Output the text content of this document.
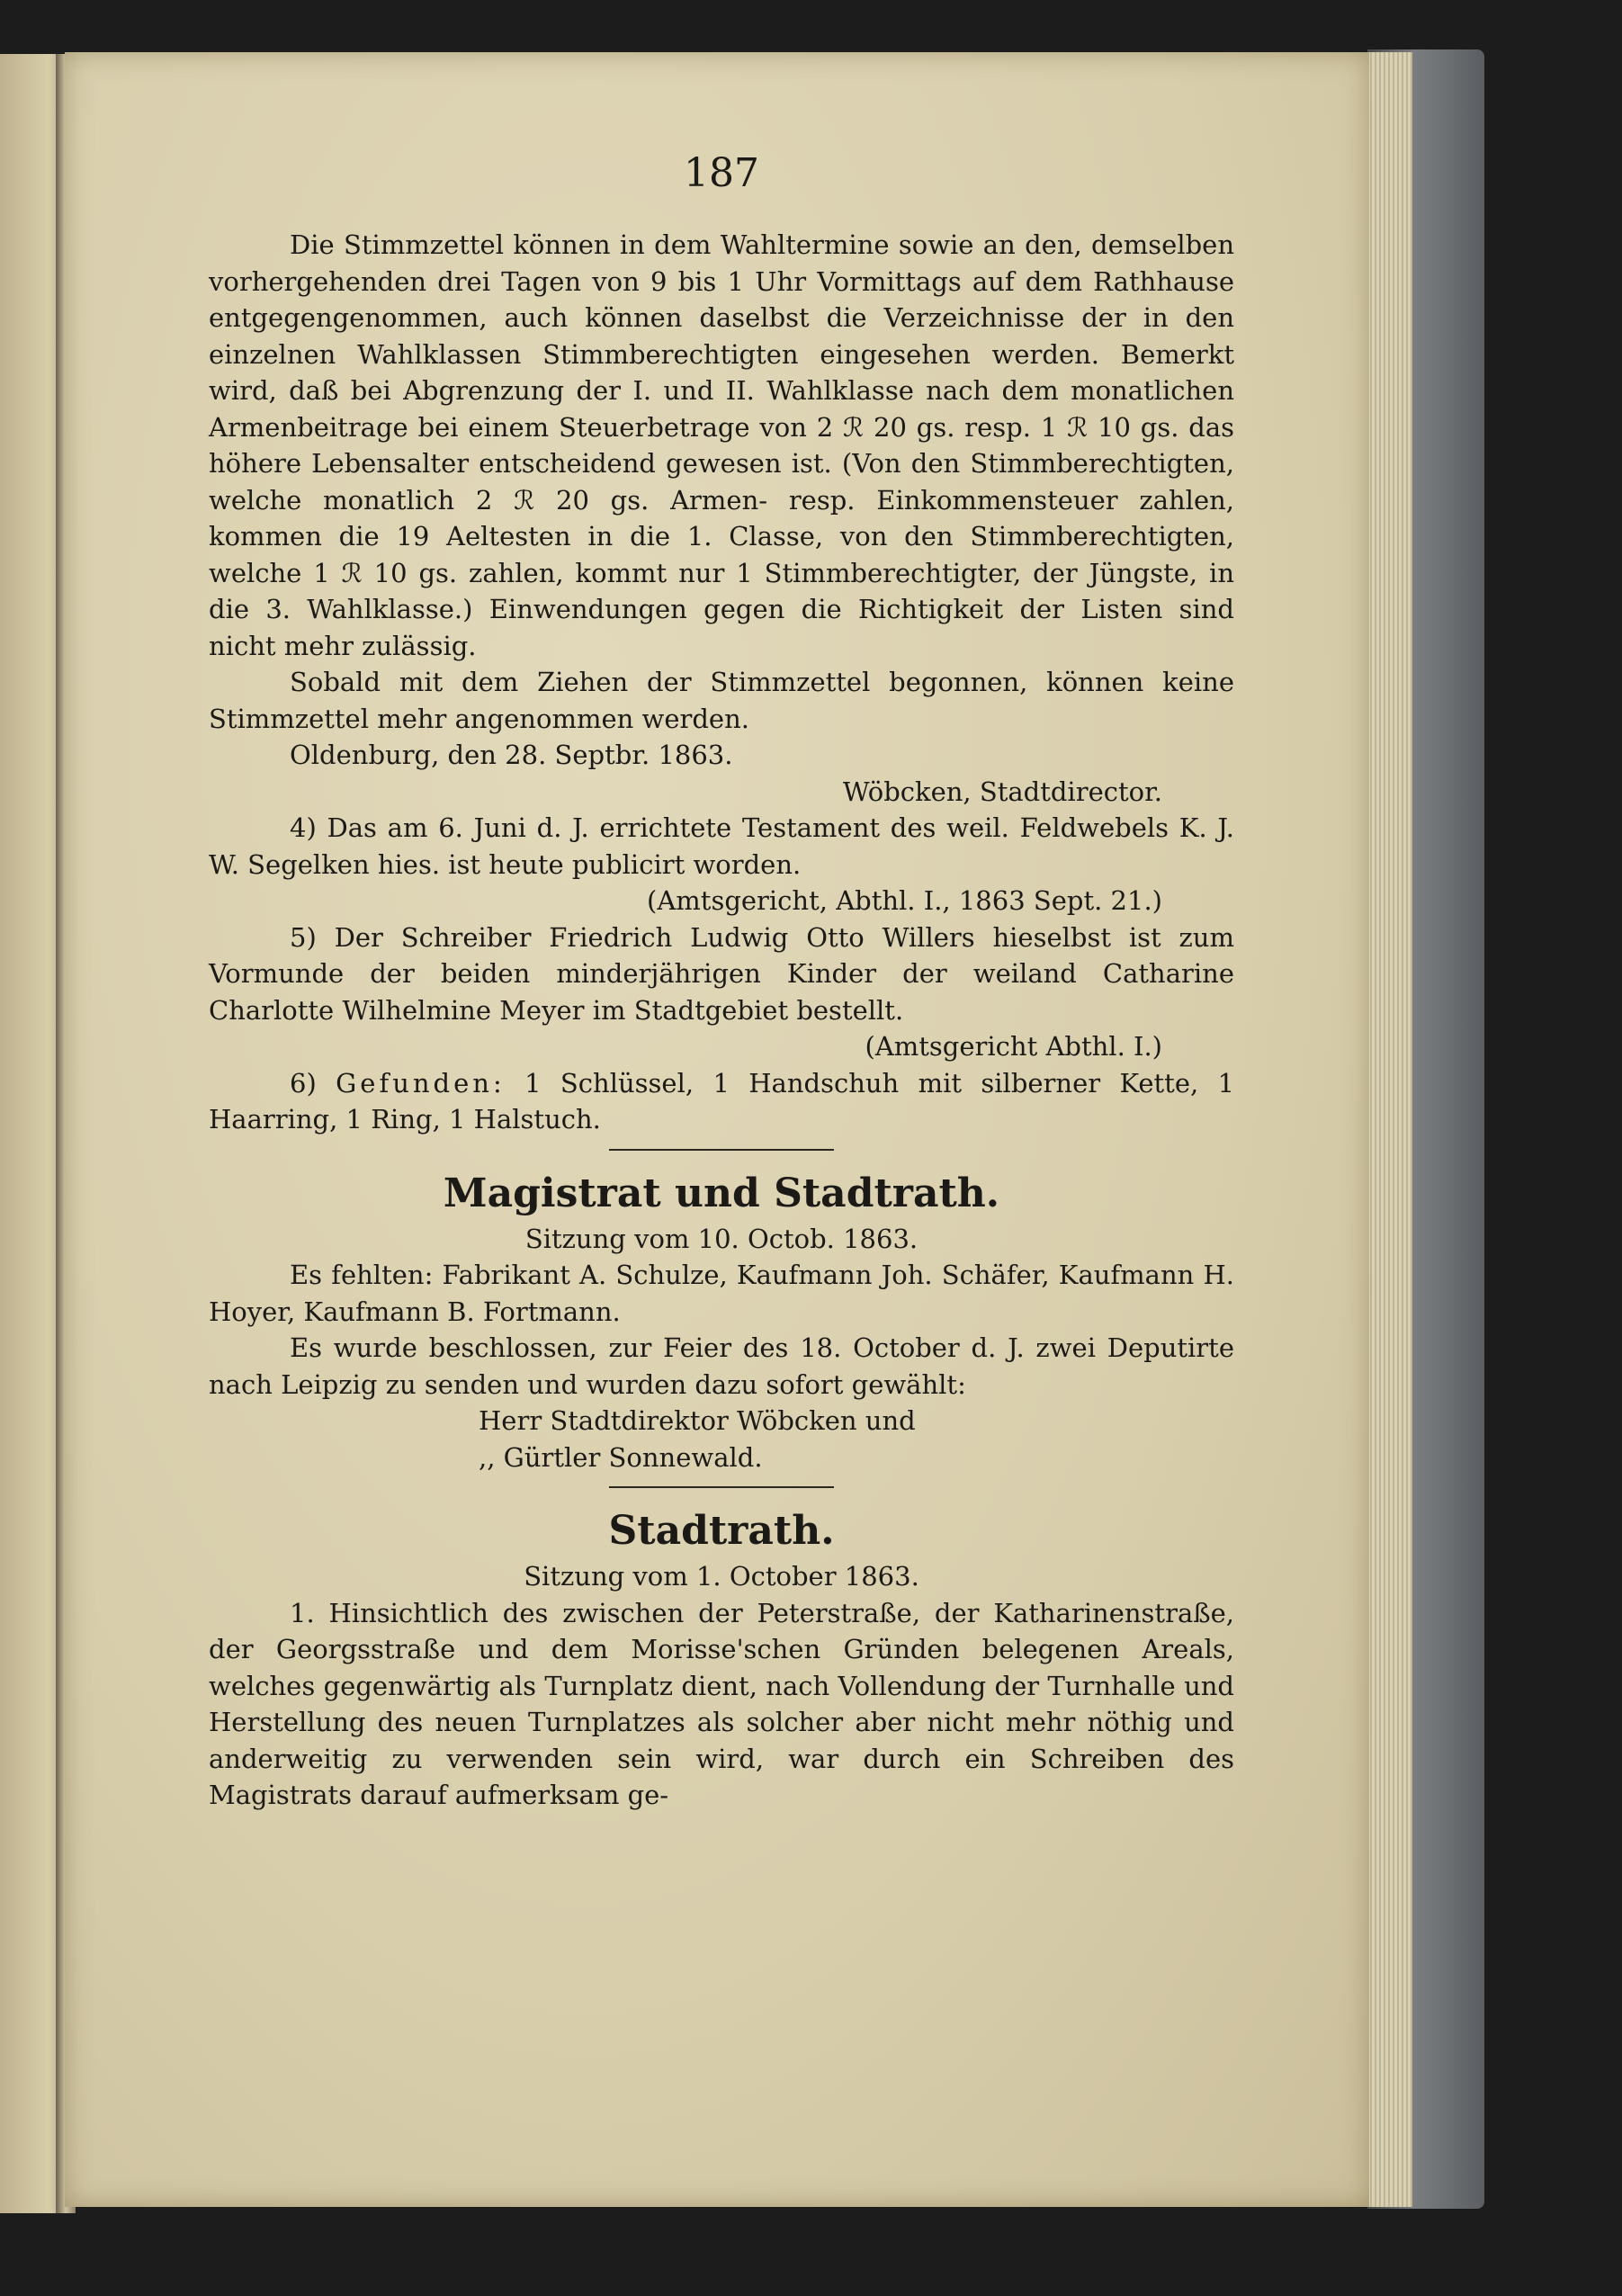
187

Die Stimmzettel können in dem Wahltermine sowie an den, demselben vorhergehenden drei Tagen von 9 bis 1 Uhr Vormittags auf dem Rathhause entgegengenommen, auch können daselbst die Verzeichnisse der in den einzelnen Wahlklassen Stimmberechtigten eingesehen werden. Bemerkt wird, daß bei Abgrenzung der I. und II. Wahlklasse nach dem monatlichen Armenbeitrage bei einem Steuerbetrage von 2 ℛ 20 gs. resp. 1 ℛ 10 gs. das höhere Lebensalter entscheidend gewesen ist. (Von den Stimmberechtigten, welche monatlich 2 ℛ 20 gs. Armen- resp. Einkommensteuer zahlen, kommen die 19 Aeltesten in die 1. Classe, von den Stimmberechtigten, welche 1 ℛ 10 gs. zahlen, kommt nur 1 Stimmberechtigter, der Jüngste, in die 3. Wahlklasse.) Einwendungen gegen die Richtigkeit der Listen sind nicht mehr zulässig.

Sobald mit dem Ziehen der Stimmzettel begonnen, können keine Stimmzettel mehr angenommen werden.

Oldenburg, den 28. Septbr. 1863.

Wöbcken, Stadtdirector.

4) Das am 6. Juni d. J. errichtete Testament des weil. Feldwebels K. J. W. Segelken hies. ist heute publicirt worden.

(Amtsgericht, Abthl. I., 1863 Sept. 21.)

5) Der Schreiber Friedrich Ludwig Otto Willers hieselbst ist zum Vormunde der beiden minderjährigen Kinder der weiland Catharine Charlotte Wilhelmine Meyer im Stadtgebiet bestellt.

(Amtsgericht Abthl. I.)

6) Gefunden: 1 Schlüssel, 1 Handschuh mit silberner Kette, 1 Haarring, 1 Ring, 1 Halstuch.

Magistrat und Stadtrath.

Sitzung vom 10. Octob. 1863.

Es fehlten: Fabrikant A. Schulze, Kaufmann Joh. Schäfer, Kaufmann H. Hoyer, Kaufmann B. Fortmann.

Es wurde beschlossen, zur Feier des 18. October d. J. zwei Deputirte nach Leipzig zu senden und wurden dazu sofort gewählt:

Herr Stadtdirektor Wöbcken und

,, Gürtler Sonnewald.

Stadtrath.

Sitzung vom 1. October 1863.

1. Hinsichtlich des zwischen der Peterstraße, der Katharinenstraße, der Georgsstraße und dem Morisse'schen Gründen belegenen Areals, welches gegenwärtig als Turnplatz dient, nach Vollendung der Turnhalle und Herstellung des neuen Turnplatzes als solcher aber nicht mehr nöthig und anderweitig zu verwenden sein wird, war durch ein Schreiben des Magistrats darauf aufmerksam ge-
